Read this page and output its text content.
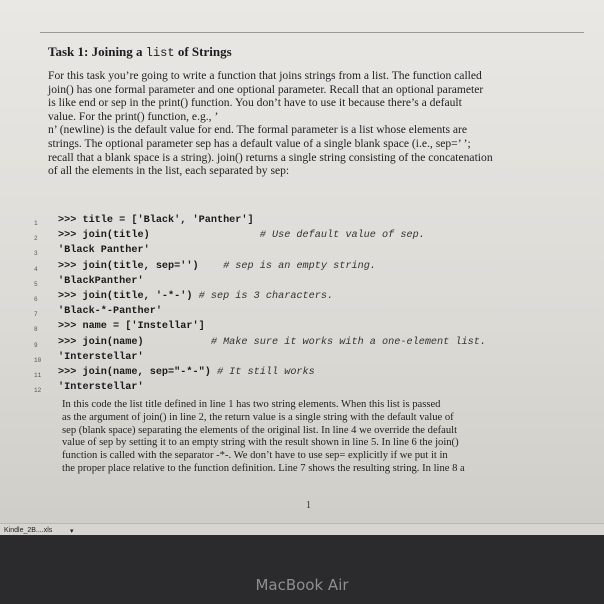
Task 1: Joining a list of Strings
For this task you’re going to write a function that joins strings from a list. The function called
join() has one formal parameter and one optional parameter. Recall that an optional parameter
is like end or sep in the print() function. You don’t have to use it because there’s a default
value. For the print() function, e.g., ’
n’ (newline) is the default value for end. The formal parameter is a list whose elements are
strings. The optional parameter sep has a default value of a single blank space (i.e., sep=’ ’;
recall that a blank space is a string). join() returns a single string consisting of the concatenation
of all the elements in the list, each separated by sep:
1	>>> title = ['Black', 'Panther']
2	>>> join(title) # Use default value of sep.
3	'Black Panther'
4	>>> join(title, sep='') # sep is an empty string.
5	'BlackPanther'
6	>>> join(title, '-*-') # sep is 3 characters.
7	'Black-*-Panther'
8	>>> name = ['Instellar']
9	>>> join(name) # Make sure it works with a one-element list.
10	'Interstellar'
11	>>> join(name, sep="-*-") # It still works
12	'Interstellar'
In this code the list title defined in line 1 has two string elements. When this list is passed
as the argument of join() in line 2, the return value is a single string with the default value of
sep (blank space) separating the elements of the original list. In line 4 we override the default
value of sep by setting it to an empty string with the result shown in line 5. In line 6 the join()
function is called with the separator -*-. We don’t have to use sep= explicitly if we put it in
the proper place relative to the function definition. Line 7 shows the resulting string. In line 8 a
1
Kindle_2B....xls	▾
MacBook Air
